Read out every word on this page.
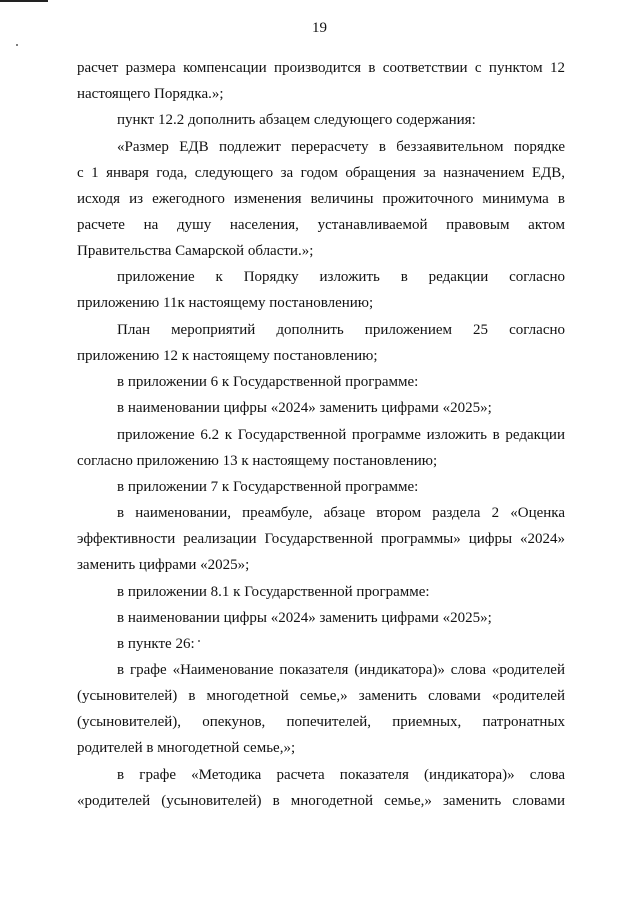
19
расчет размера компенсации производится в соответствии с пунктом 12
настоящего Порядка.»;
пункт 12.2 дополнить абзацем следующего содержания:
«Размер ЕДВ подлежит перерасчету в беззаявительном порядке
с 1 января года, следующего за годом обращения за назначением ЕДВ,
исходя из ежегодного изменения величины прожиточного минимума в
расчете на душу населения, устанавливаемой правовым актом
Правительства Самарской области.»;
приложение к Порядку изложить в редакции согласно
приложению 11к настоящему постановлению;
План мероприятий дополнить приложением 25 согласно
приложению 12 к настоящему постановлению;
в приложении 6 к Государственной программе:
в наименовании цифры «2024» заменить цифрами «2025»;
приложение 6.2 к Государственной программе изложить в редакции
согласно приложению 13 к настоящему постановлению;
в приложении 7 к Государственной программе:
в наименовании, преамбуле, абзаце втором раздела 2 «Оценка
эффективности реализации Государственной программы» цифры «2024»
заменить цифрами «2025»;
в приложении 8.1 к Государственной программе:
в наименовании цифры «2024» заменить цифрами «2025»;
в пункте 26:
в графе «Наименование показателя (индикатора)» слова «родителей
(усыновителей) в многодетной семье,» заменить словами «родителей
(усыновителей), опекунов, попечителей, приемных, патронатных
родителей в многодетной семье,»;
в графе «Методика расчета показателя (индикатора)» слова
«родителей (усыновителей) в многодетной семье,» заменить словами
